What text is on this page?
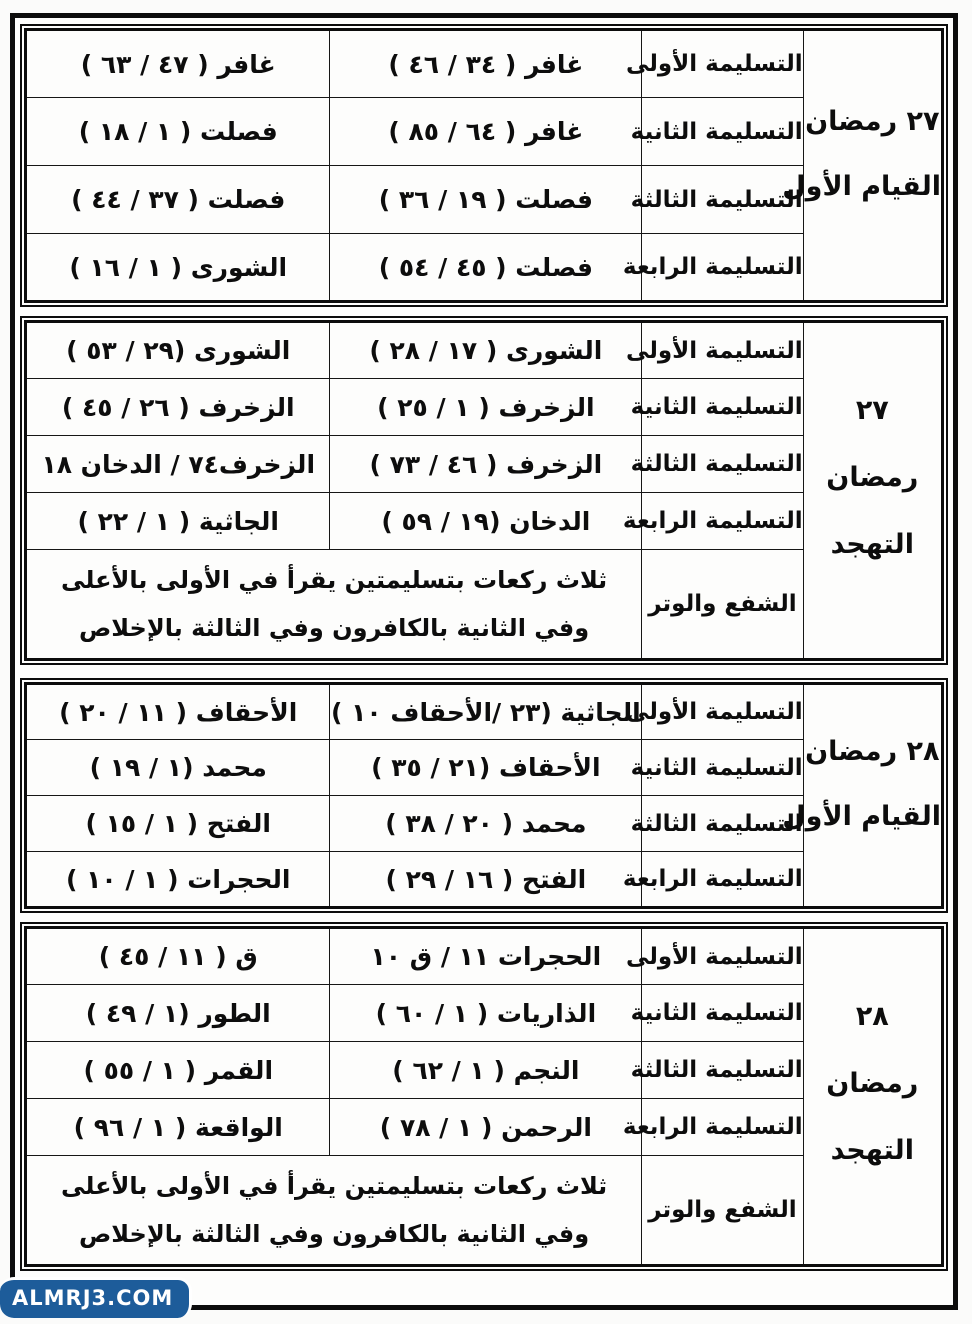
٢٧ رمضان
القيام الأول	التسليمة الأولى	غافر ( ٣٤ / ٤٦ )	غافر ( ٤٧ / ٦٣ )
	التسليمة الثانية	غافر ( ٦٤ / ٨٥ )	فصلت ( ١ / ١٨ )
	التسليمة الثالثة	فصلت ( ١٩ / ٣٦ )	فصلت ( ٣٧ / ٤٤ )
	التسليمة الرابعة	فصلت ( ٤٥ / ٥٤ )	الشورى ( ١ / ١٦ )
٢٧
رمضان
التهجد	التسليمة الأولى	الشورى ( ١٧ / ٢٨ )	الشورى (٢٩ / ٥٣ )
	التسليمة الثانية	الزخرف ( ١ / ٢٥ )	الزخرف ( ٢٦ / ٤٥ )
	التسليمة الثالثة	الزخرف ( ٤٦ / ٧٣ )	الزخرف٧٤ / الدخان ١٨
	التسليمة الرابعة	الدخان (١٩ / ٥٩ )	الجاثية ( ١ / ٢٢ )
	الشفع والوتر	ثلاث ركعات بتسليمتين يقرأ في الأولى بالأعلى وفي الثانية بالكافرون وفي الثالثة بالإخلاص	
٢٨ رمضان
القيام الأول	التسليمة الأولى	الجاثية (٢٣ /الأحقاف ١٠ )	الأحقاف ( ١١ / ٢٠ )
	التسليمة الثانية	الأحقاف (٢١ / ٣٥ )	محمد (١ / ١٩ )
	التسليمة الثالثة	محمد ( ٢٠ / ٣٨ )	الفتح ( ١ / ١٥ )
	التسليمة الرابعة	الفتح ( ١٦ / ٢٩ )	الحجرات ( ١ / ١٠ )
٢٨
رمضان
التهجد	التسليمة الأولى	الحجرات ١١ / ق ١٠	ق ( ١١ / ٤٥ )
	التسليمة الثانية	الذاريات ( ١ / ٦٠ )	الطور (١ / ٤٩ )
	التسليمة الثالثة	النجم ( ١ / ٦٢ )	القمر ( ١ / ٥٥ )
	التسليمة الرابعة	الرحمن ( ١ / ٧٨ )	الواقعة ( ١ / ٩٦ )
	الشفع والوتر	ثلاث ركعات بتسليمتين يقرأ في الأولى بالأعلى وفي الثانية بالكافرون وفي الثالثة بالإخلاص	
ALMRJ3.COM
